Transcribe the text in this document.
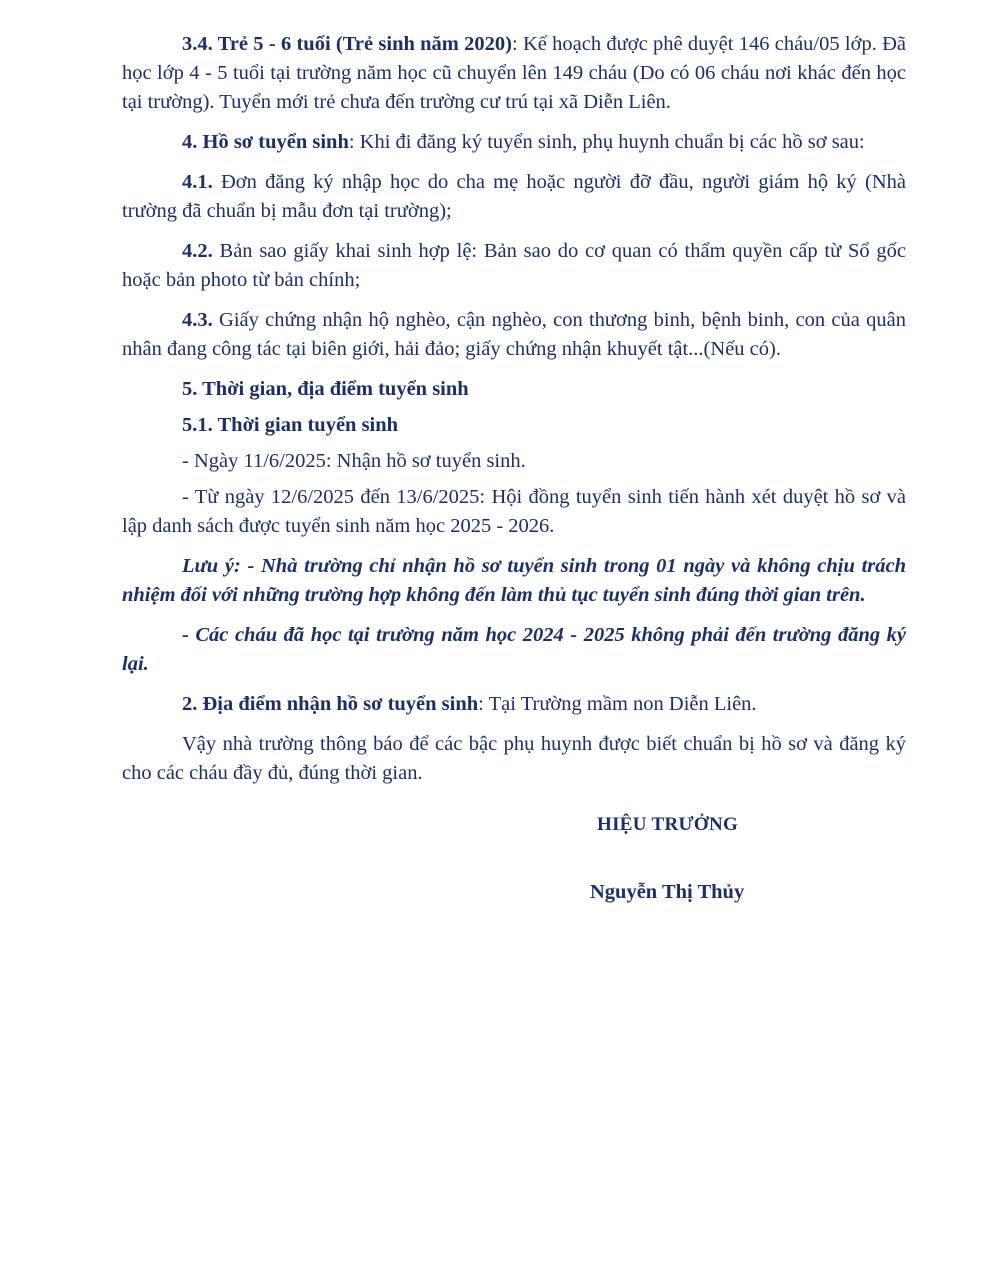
3.4. Trẻ 5 - 6 tuổi (Trẻ sinh năm 2020): Kế hoạch được phê duyệt 146 cháu/05 lớp. Đã học lớp 4 - 5 tuổi tại trường năm học cũ chuyển lên 149 cháu (Do có 06 cháu nơi khác đến học tại trường). Tuyển mới trẻ chưa đến trường cư trú tại xã Diễn Liên.

4. Hồ sơ tuyển sinh: Khi đi đăng ký tuyển sinh, phụ huynh chuẩn bị các hồ sơ sau:

4.1. Đơn đăng ký nhập học do cha mẹ hoặc người đỡ đầu, người giám hộ ký (Nhà trường đã chuẩn bị mẫu đơn tại trường);

4.2. Bản sao giấy khai sinh hợp lệ: Bản sao do cơ quan có thẩm quyền cấp từ Sổ gốc hoặc bản photo từ bản chính;

4.3. Giấy chứng nhận hộ nghèo, cận nghèo, con thương binh, bệnh binh, con của quân nhân đang công tác tại biên giới, hải đảo; giấy chứng nhận khuyết tật...(Nếu có).

5. Thời gian, địa điểm tuyển sinh

5.1. Thời gian tuyển sinh

- Ngày 11/6/2025: Nhận hồ sơ tuyển sinh.

- Từ ngày 12/6/2025 đến 13/6/2025: Hội đồng tuyển sinh tiến hành xét duyệt hồ sơ và lập danh sách được tuyển sinh năm học 2025 - 2026.

Lưu ý: - Nhà trường chỉ nhận hồ sơ tuyển sinh trong 01 ngày và không chịu trách nhiệm đối với những trường hợp không đến làm thủ tục tuyển sinh đúng thời gian trên.

- Các cháu đã học tại trường năm học 2024 - 2025 không phải đến trường đăng ký lại.

2. Địa điểm nhận hồ sơ tuyển sinh: Tại Trường mầm non Diễn Liên.

Vậy nhà trường thông báo để các bậc phụ huynh được biết chuẩn bị hồ sơ và đăng ký cho các cháu đầy đủ, đúng thời gian.

HIỆU TRƯỞNG
Nguyễn Thị Thủy
